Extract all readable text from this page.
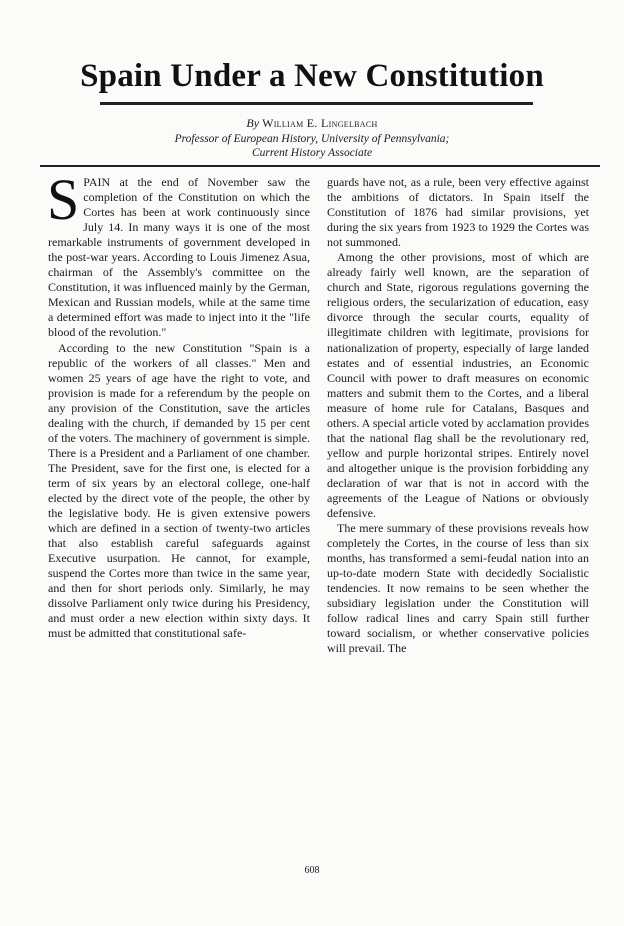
Spain Under a New Constitution
By William E. Lingelbach
Professor of European History, University of Pennsylvania;
Current History Associate

SPAIN at the end of November saw the completion of the Constitution on which the Cortes has been at work continuously since July 14. In many ways it is one of the most remarkable instruments of government developed in the post-war years. According to Louis Jimenez Asua, chairman of the Assembly's committee on the Constitution, it was influenced mainly by the German, Mexican and Russian models, while at the same time a determined effort was made to inject into it the "life blood of the revolution."

According to the new Constitution "Spain is a republic of the workers of all classes." Men and women 25 years of age have the right to vote, and provision is made for a referendum by the people on any provision of the Constitution, save the articles dealing with the church, if demanded by 15 per cent of the voters. The machinery of government is simple. There is a President and a Parliament of one chamber. The President, save for the first one, is elected for a term of six years by an electoral college, one-half elected by the direct vote of the people, the other by the legislative body. He is given extensive powers which are defined in a section of twenty-two articles that also establish careful safeguards against Executive usurpation. He cannot, for example, suspend the Cortes more than twice in the same year, and then for short periods only. Similarly, he may dissolve Parliament only twice during his Presidency, and must order a new election within sixty days. It must be admitted that constitutional safe-

guards have not, as a rule, been very effective against the ambitions of dictators. In Spain itself the Constitution of 1876 had similar provisions, yet during the six years from 1923 to 1929 the Cortes was not summoned.

Among the other provisions, most of which are already fairly well known, are the separation of church and State, rigorous regulations governing the religious orders, the secularization of education, easy divorce through the secular courts, equality of illegitimate children with legitimate, provisions for nationalization of property, especially of large landed estates and of essential industries, an Economic Council with power to draft measures on economic matters and submit them to the Cortes, and a liberal measure of home rule for Catalans, Basques and others. A special article voted by acclamation provides that the national flag shall be the revolutionary red, yellow and purple horizontal stripes. Entirely novel and altogether unique is the provision forbidding any declaration of war that is not in accord with the agreements of the League of Nations or obviously defensive.

The mere summary of these provisions reveals how completely the Cortes, in the course of less than six months, has transformed a semi-feudal nation into an up-to-date modern State with decidedly Socialistic tendencies. It now remains to be seen whether the subsidiary legislation under the Constitution will follow radical lines and carry Spain still further toward socialism, or whether conservative policies will prevail. The

608
